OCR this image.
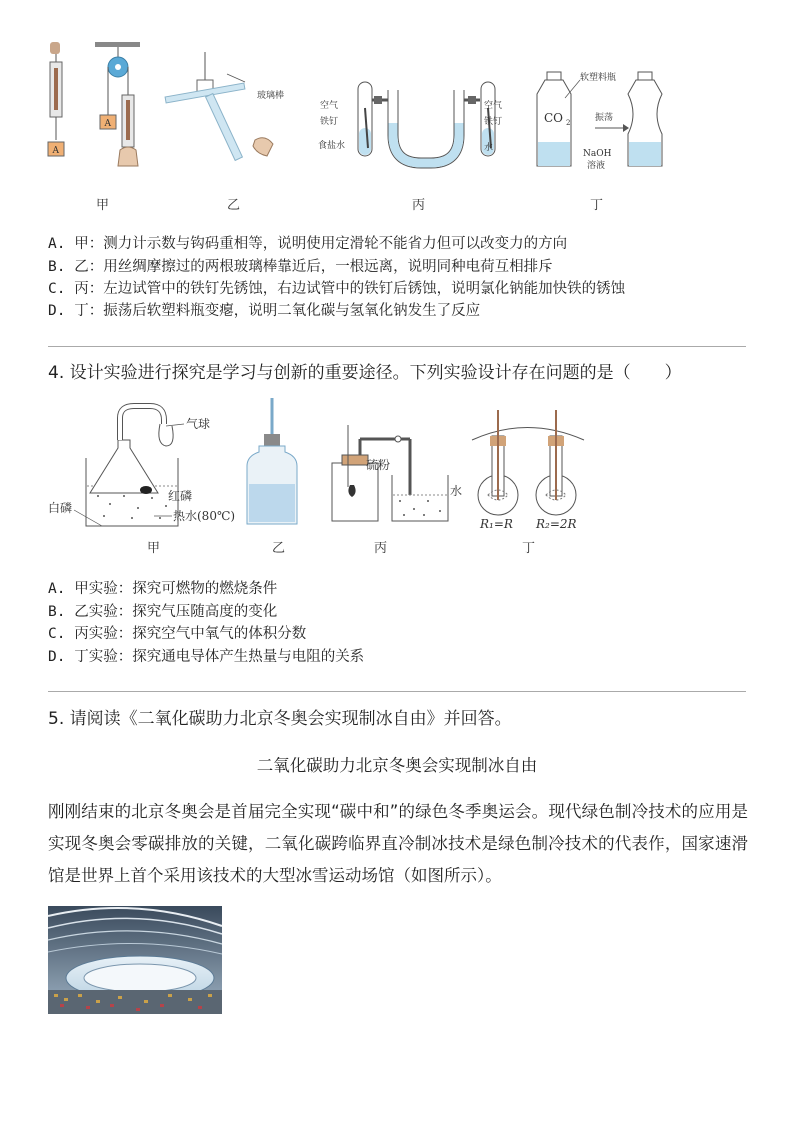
A
A
甲
玻璃棒
乙
空气
铁钉
食盐水
空气
铁钉
水
丙
CO 2
软塑料瓶
振荡
NaOH
溶液
丁
A. 甲：测力计示数与钩码重相等，说明使用定滑轮不能省力但可以改变力的方向
B. 乙：用丝绸摩擦过的两根玻璃棒靠近后，一根远离，说明同种电荷互相排斥
C. 丙：左边试管中的铁钉先锈蚀，右边试管中的铁钉后锈蚀，说明氯化钠能加快铁的锈蚀
D. 丁：振荡后软塑料瓶变瘪，说明二氧化碳与氢氧化钠发生了反应
4. 设计实验进行探究是学习与创新的重要途径。下列实验设计存在问题的是（　　）
气球
红磷
白磷
热水(80℃)
甲	乙
硫粉
水
丙
R₁=R R₂=2R
丁
A. 甲实验：探究可燃物的燃烧条件
B. 乙实验：探究气压随高度的变化
C. 丙实验：探究空气中氧气的体积分数
D. 丁实验：探究通电导体产生热量与电阻的关系
5. 请阅读《二氧化碳助力北京冬奥会实现制冰自由》并回答。
二氧化碳助力北京冬奥会实现制冰自由
刚刚结束的北京冬奥会是首届完全实现“碳中和”的绿色冬季奥运会。现代绿色制冷技术的应用是实现冬奥会零碳排放的关键，二氧化碳跨临界直冷制冰技术是绿色制冷技术的代表作，国家速滑馆是世界上首个采用该技术的大型冰雪运动场馆（如图所示）。
